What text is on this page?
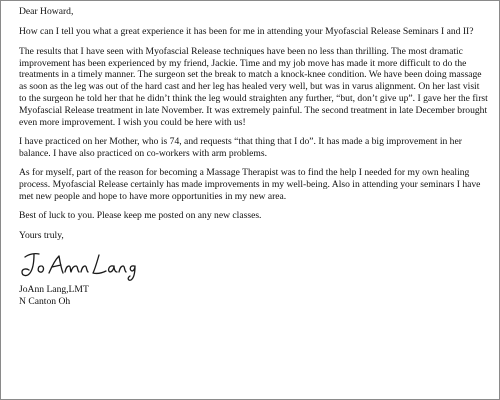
Dear Howard,

How can I tell you what a great experience it has been for me in attending your Myofascial Release Seminars I and II?

The results that I have seen with Myofascial Release techniques have been no less than thrilling. The most dramatic improvement has been experienced by my friend, Jackie. Time and my job move has made it more difficult to do the treatments in a timely manner. The surgeon set the break to match a knock-knee condition. We have been doing massage as soon as the leg was out of the hard cast and her leg has healed very well, but was in varus alignment. On her last visit to the surgeon he told her that he didn’t think the leg would straighten any further, “but, don’t give up”. I gave her the first Myofascial Release treatment in late November. It was extremely painful. The second treatment in late December brought even more improvement. I wish you could be here with us!

I have practiced on her Mother, who is 74, and requests “that thing that I do”. It has made a big improvement in her balance. I have also practiced on co-workers with arm problems.

As for myself, part of the reason for becoming a Massage Therapist was to find the help I needed for my own healing process. Myofascial Release certainly has made improvements in my well-being. Also in attending your seminars I have met new people and hope to have more opportunities in my new area.

Best of luck to you. Please keep me posted on any new classes.

Yours truly,

JoAnn Lang,LMT

N Canton Oh
